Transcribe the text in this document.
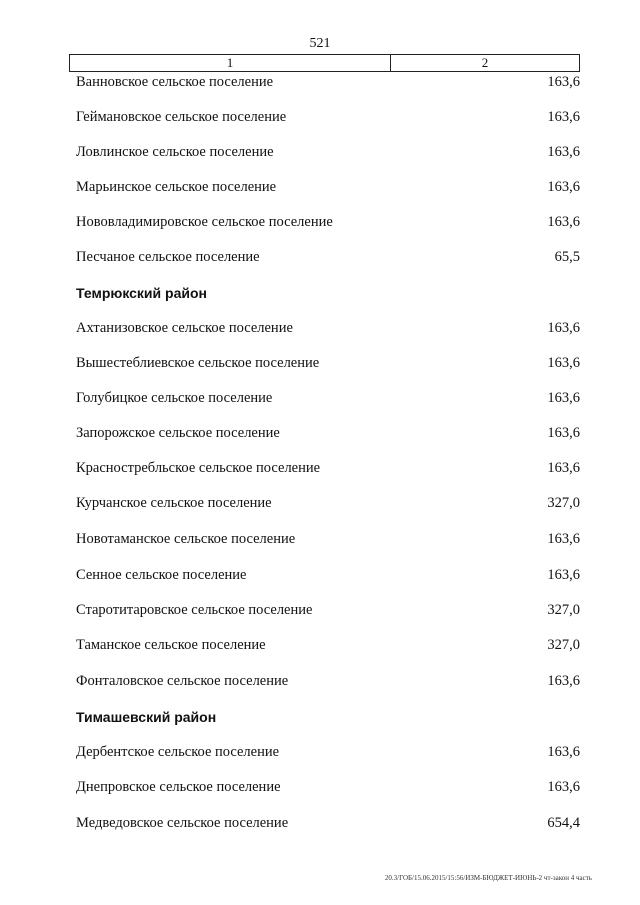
521
1	2
Ванновское сельское поселение	163,6
Геймановское сельское поселение	163,6
Ловлинское сельское поселение	163,6
Марьинское сельское поселение	163,6
Нововладимировское сельское поселение	163,6
Песчаное сельское поселение	65,5
Темрюкский район
Ахтанизовское сельское поселение	163,6
Вышестеблиевское сельское поселение	163,6
Голубицкое сельское поселение	163,6
Запорожское сельское поселение	163,6
Красностребльское сельское поселение	163,6
Курчанское сельское поселение	327,0
Новотаманское сельское поселение	163,6
Сенное сельское поселение	163,6
Старотитаровское сельское поселение	327,0
Таманское сельское поселение	327,0
Фонталовское сельское поселение	163,6
Тимашевский район
Дербентское сельское поселение	163,6
Днепровское сельское поселение	163,6
Медведовское сельское поселение	654,4
20.3/ГОБ/15.06.2015/15:56/ИЗМ-БЮДЖЕТ-ИЮНЬ-2 чт-закон 4 часть
